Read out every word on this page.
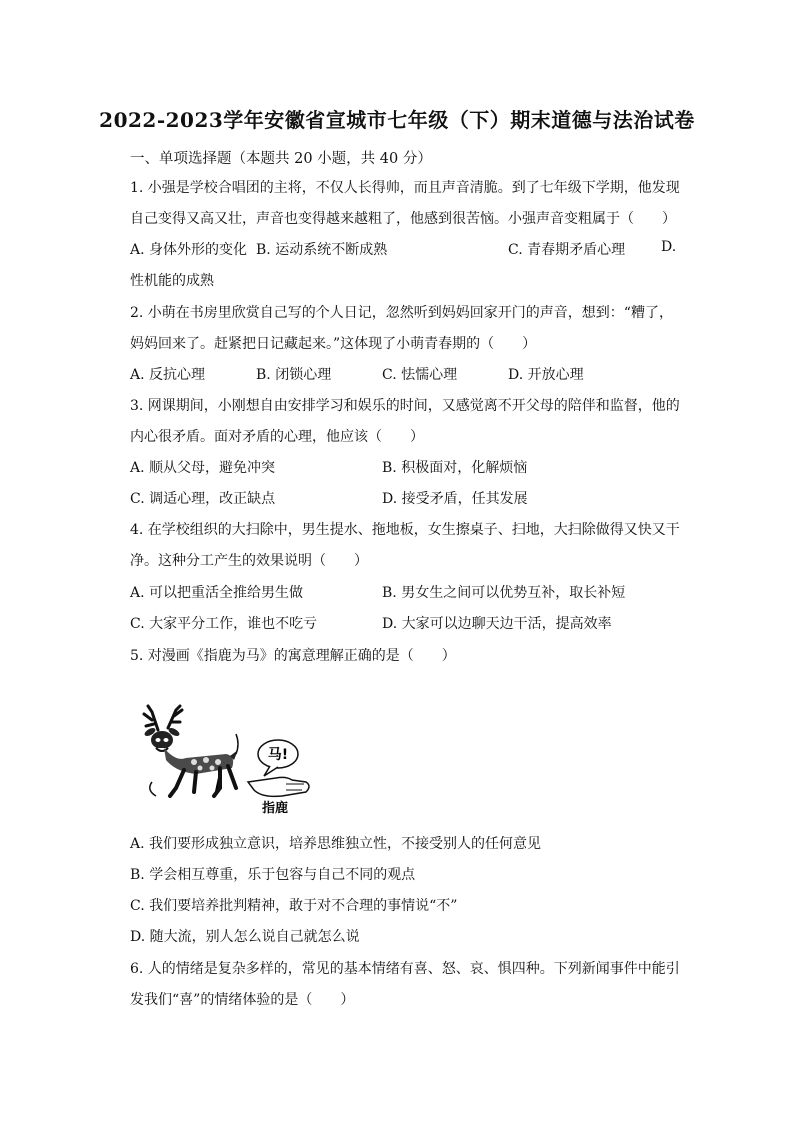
2022-2023学年安徽省宣城市七年级（下）期末道德与法治试卷
一、单项选择题（本题共 20 小题，共 40 分）
1. 小强是学校合唱团的主将，不仅人长得帅，而且声音清脆。到了七年级下学期，他发现
自己变得又高又壮，声音也变得越来越粗了，他感到很苦恼。小强声音变粗属于（　　）
A. 身体外形的变化 B. 运动系统不断成熟	C. 青春期矛盾心理	D.
性机能的成熟
2. 小萌在书房里欣赏自己写的个人日记，忽然听到妈妈回家开门的声音，想到：“糟了，
妈妈回来了。赶紧把日记藏起来。”这体现了小萌青春期的（　　）
A. 反抗心理	B. 闭锁心理	C. 怯懦心理	D. 开放心理
3. 网课期间，小刚想自由安排学习和娱乐的时间，又感觉离不开父母的陪伴和监督，他的
内心很矛盾。面对矛盾的心理，他应该（　　）
A. 顺从父母，避免冲突	B. 积极面对，化解烦恼
C. 调适心理，改正缺点	D. 接受矛盾，任其发展
4. 在学校组织的大扫除中，男生提水、拖地板，女生擦桌子、扫地，大扫除做得又快又干
净。这种分工产生的效果说明（　　）
A. 可以把重活全推给男生做	B. 男女生之间可以优势互补，取长补短
C. 大家平分工作，谁也不吃亏	D. 大家可以边聊天边干活，提高效率
5. 对漫画《指鹿为马》的寓意理解正确的是（　　）
马!
指鹿
A. 我们要形成独立意识，培养思维独立性，不接受别人的任何意见
B. 学会相互尊重，乐于包容与自己不同的观点
C. 我们要培养批判精神，敢于对不合理的事情说“不”
D. 随大流，别人怎么说自己就怎么说
6. 人的情绪是复杂多样的，常见的基本情绪有喜、怒、哀、惧四种。下列新闻事件中能引
发我们“喜”的情绪体验的是（　　）
